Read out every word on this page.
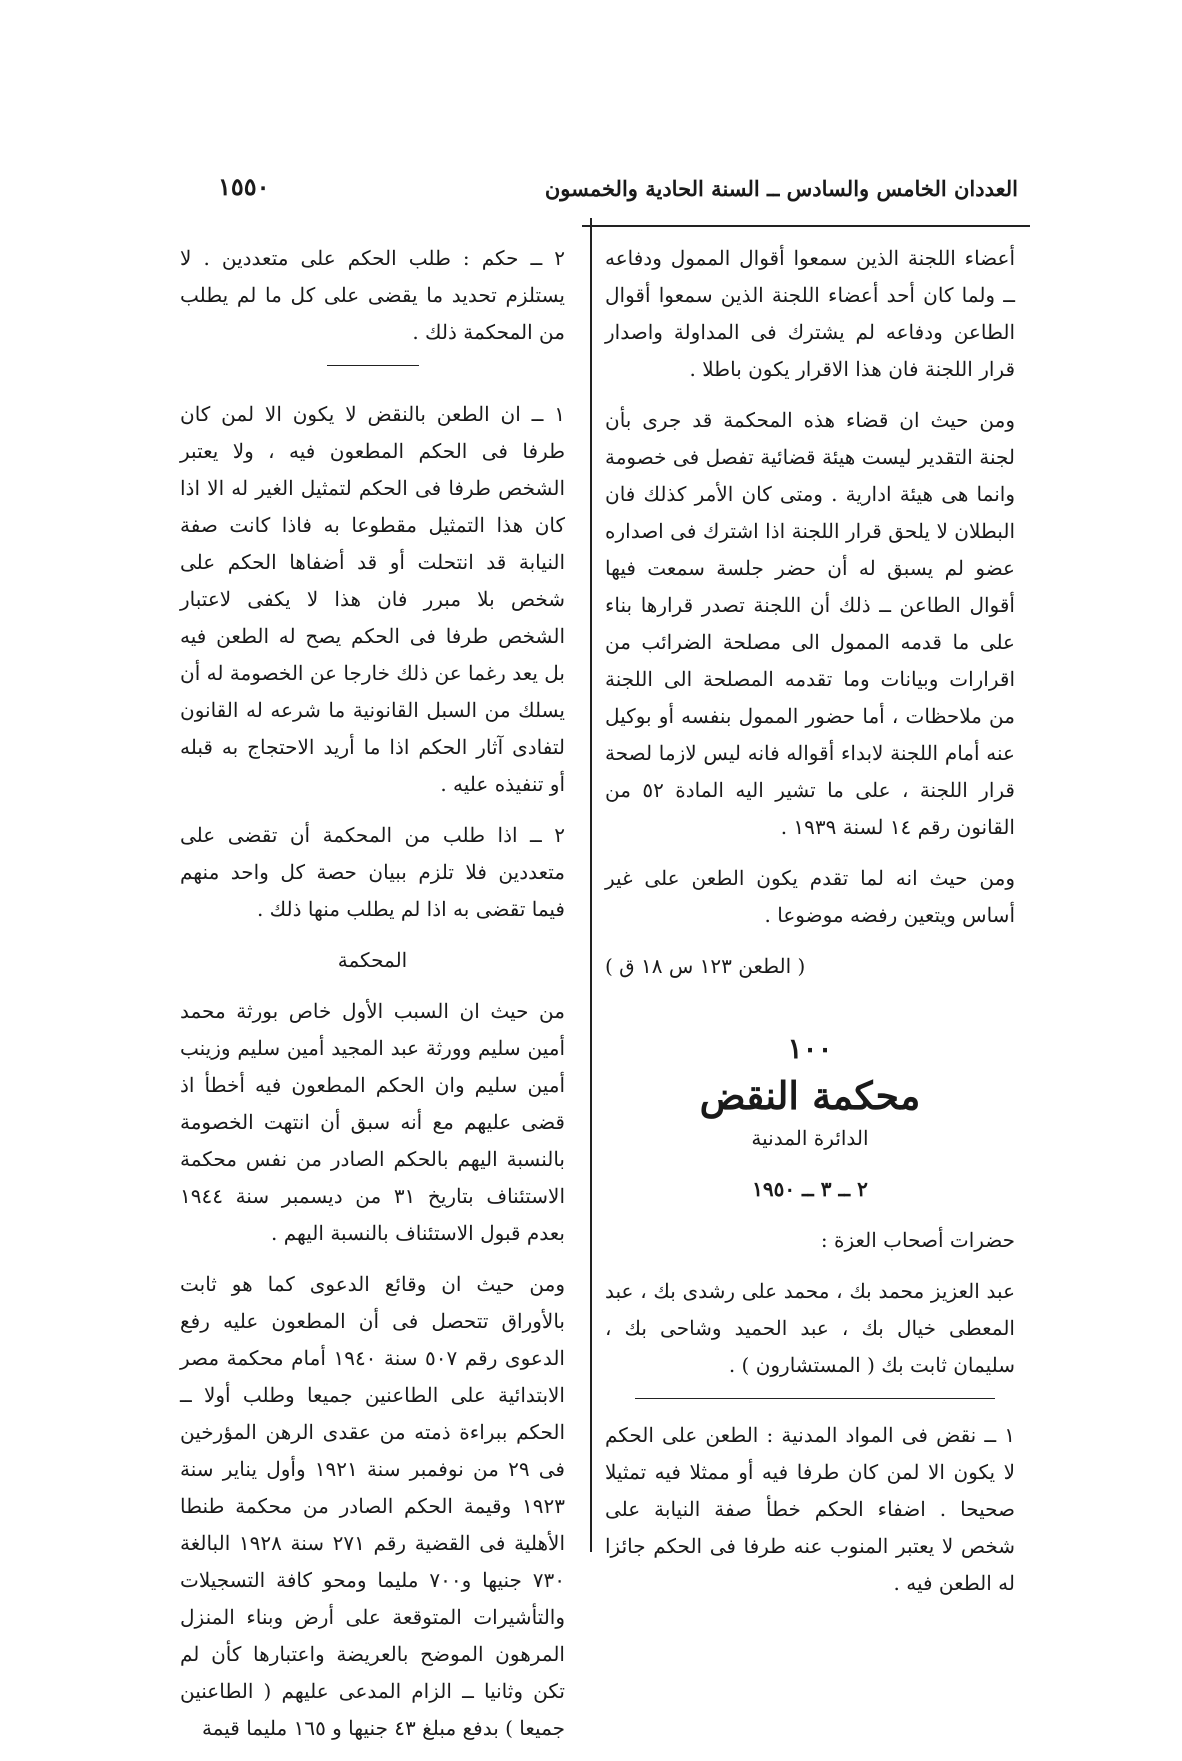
العددان الخامس والسادس ــ السنة الحادية والخمسون
١٥٥٠

أعضاء اللجنة الذين سمعوا أقوال الممول ودفاعه ــ ولما كان أحد أعضاء اللجنة الذين سمعوا أقوال الطاعن ودفاعه لم يشترك فى المداولة واصدار قرار اللجنة فان هذا الاقرار يكون باطلا .

ومن حيث ان قضاء هذه المحكمة قد جرى بأن لجنة التقدير ليست هيئة قضائية تفصل فى خصومة وانما هى هيئة ادارية . ومتى كان الأمر كذلك فان البطلان لا يلحق قرار اللجنة اذا اشترك فى اصداره عضو لم يسبق له أن حضر جلسة سمعت فيها أقوال الطاعن ــ ذلك أن اللجنة تصدر قرارها بناء على ما قدمه الممول الى مصلحة الضرائب من اقرارات وبيانات وما تقدمه المصلحة الى اللجنة من ملاحظات ، أما حضور الممول بنفسه أو بوكيل عنه أمام اللجنة لابداء أقواله فانه ليس لازما لصحة قرار اللجنة ، على ما تشير اليه المادة ٥٢ من القانون رقم ١٤ لسنة ١٩٣٩ .

ومن حيث انه لما تقدم يكون الطعن على غير أساس ويتعين رفضه موضوعا .

( الطعن ١٢٣ س ١٨ ق )

١٠٠
محكمة النقض

الدائرة المدنية

٢ ــ ٣ ــ ١٩٥٠

حضرات أصحاب العزة :

عبد العزيز محمد بك ، محمد على رشدى بك ، عبد المعطى خيال بك ، عبد الحميد وشاحى بك ، سليمان ثابت بك ( المستشارون ) .

١ ــ نقض فى المواد المدنية : الطعن على الحكم لا يكون الا لمن كان طرفا فيه أو ممثلا فيه تمثيلا صحيحا . اضفاء الحكم خطأ صفة النيابة على شخص لا يعتبر المنوب عنه طرفا فى الحكم جائزا له الطعن فيه .

٢ ــ حكم : طلب الحكم على متعددين . لا يستلزم تحديد ما يقضى على كل ما لم يطلب من المحكمة ذلك .

١ ــ ان الطعن بالنقض لا يكون الا لمن كان طرفا فى الحكم المطعون فيه ، ولا يعتبر الشخص طرفا فى الحكم لتمثيل الغير له الا اذا كان هذا التمثيل مقطوعا به فاذا كانت صفة النيابة قد انتحلت أو قد أضفاها الحكم على شخص بلا مبرر فان هذا لا يكفى لاعتبار الشخص طرفا فى الحكم يصح له الطعن فيه بل يعد رغما عن ذلك خارجا عن الخصومة له أن يسلك من السبل القانونية ما شرعه له القانون لتفادى آثار الحكم اذا ما أريد الاحتجاج به قبله أو تنفيذه عليه .

٢ ــ اذا طلب من المحكمة أن تقضى على متعددين فلا تلزم ببيان حصة كل واحد منهم فيما تقضى به اذا لم يطلب منها ذلك .

المحكمة

من حيث ان السبب الأول خاص بورثة محمد أمين سليم وورثة عبد المجيد أمين سليم وزينب أمين سليم وان الحكم المطعون فيه أخطأ اذ قضى عليهم مع أنه سبق أن انتهت الخصومة بالنسبة اليهم بالحكم الصادر من نفس محكمة الاستئناف بتاريخ ٣١ من ديسمبر سنة ١٩٤٤ بعدم قبول الاستئناف بالنسبة اليهم .

ومن حيث ان وقائع الدعوى كما هو ثابت بالأوراق تتحصل فى أن المطعون عليه رفع الدعوى رقم ٥٠٧ سنة ١٩٤٠ أمام محكمة مصر الابتدائية على الطاعنين جميعا وطلب أولا ــ الحكم ببراءة ذمته من عقدى الرهن المؤرخين فى ٢٩ من نوفمبر سنة ١٩٢١ وأول يناير سنة ١٩٢٣ وقيمة الحكم الصادر من محكمة طنطا الأهلية فى القضية رقم ٢٧١ سنة ١٩٢٨ البالغة ٧٣٠ جنيها و٧٠٠ مليما ومحو كافة التسجيلات والتأشيرات المتوقعة على أرض وبناء المنزل المرهون الموضح بالعريضة واعتبارها كأن لم تكن وثانيا ــ الزام المدعى عليهم ( الطاعنين جميعا ) بدفع مبلغ ٤٣ جنيها و ١٦٥ مليما قيمة
